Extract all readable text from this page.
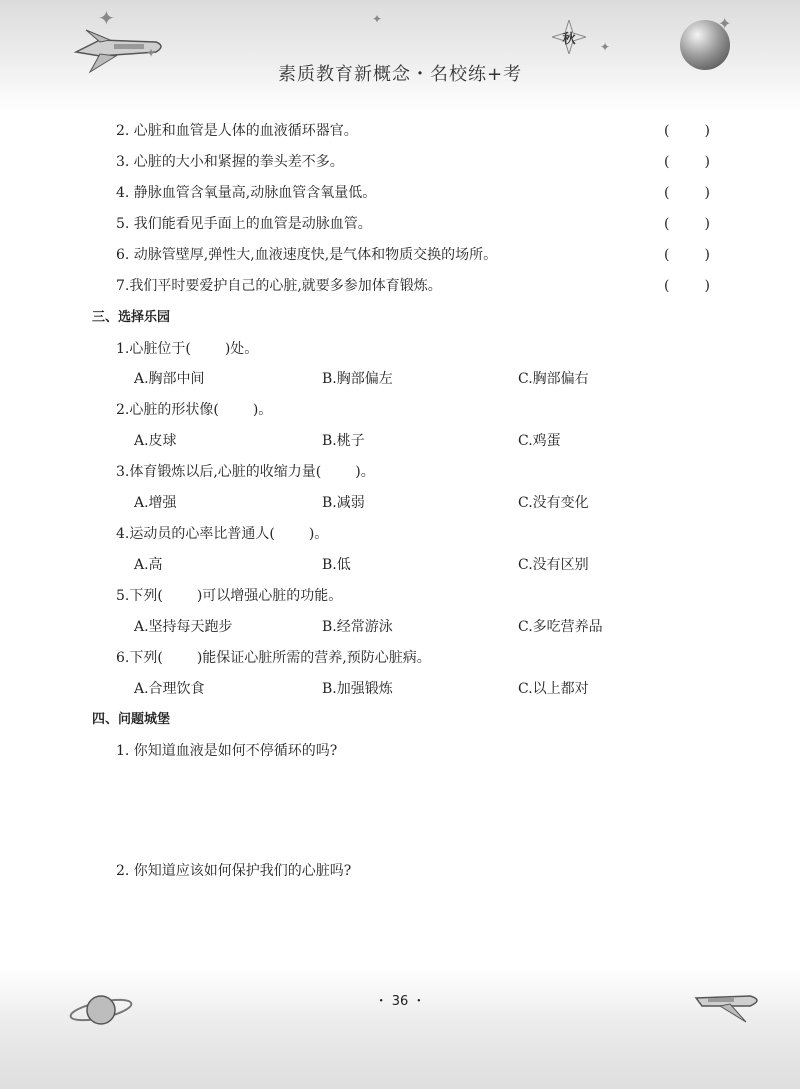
✦
✦
✦
秋
✦
✦
素质教育新概念・名校练+考
2. 心脏和血管是人体的血液循环器官。	(	)
3. 心脏的大小和紧握的拳头差不多。	(	)
4. 静脉血管含氧量高,动脉血管含氧量低。	(	)
5. 我们能看见手面上的血管是动脉血管。	(	)
6. 动脉管壁厚,弹性大,血液速度快,是气体和物质交换的场所。	(	)
7.我们平时要爱护自己的心脏,就要多参加体育锻炼。	(	)
三、选择乐园
1.心脏位于( )处。
A.胸部中间	B.胸部偏左	C.胸部偏右
2.心脏的形状像( )。
A.皮球	B.桃子	C.鸡蛋
3.体育锻炼以后,心脏的收缩力量( )。
A.增强	B.减弱	C.没有变化
4.运动员的心率比普通人( )。
A.高	B.低	C.没有区别
5.下列( )可以增强心脏的功能。
A.坚持每天跑步	B.经常游泳	C.多吃营养品
6.下列( )能保证心脏所需的营养,预防心脏病。
A.合理饮食	B.加强锻炼	C.以上都对
四、问题城堡
1. 你知道血液是如何不停循环的吗?
2. 你知道应该如何保护我们的心脏吗?
・ 36 ・
